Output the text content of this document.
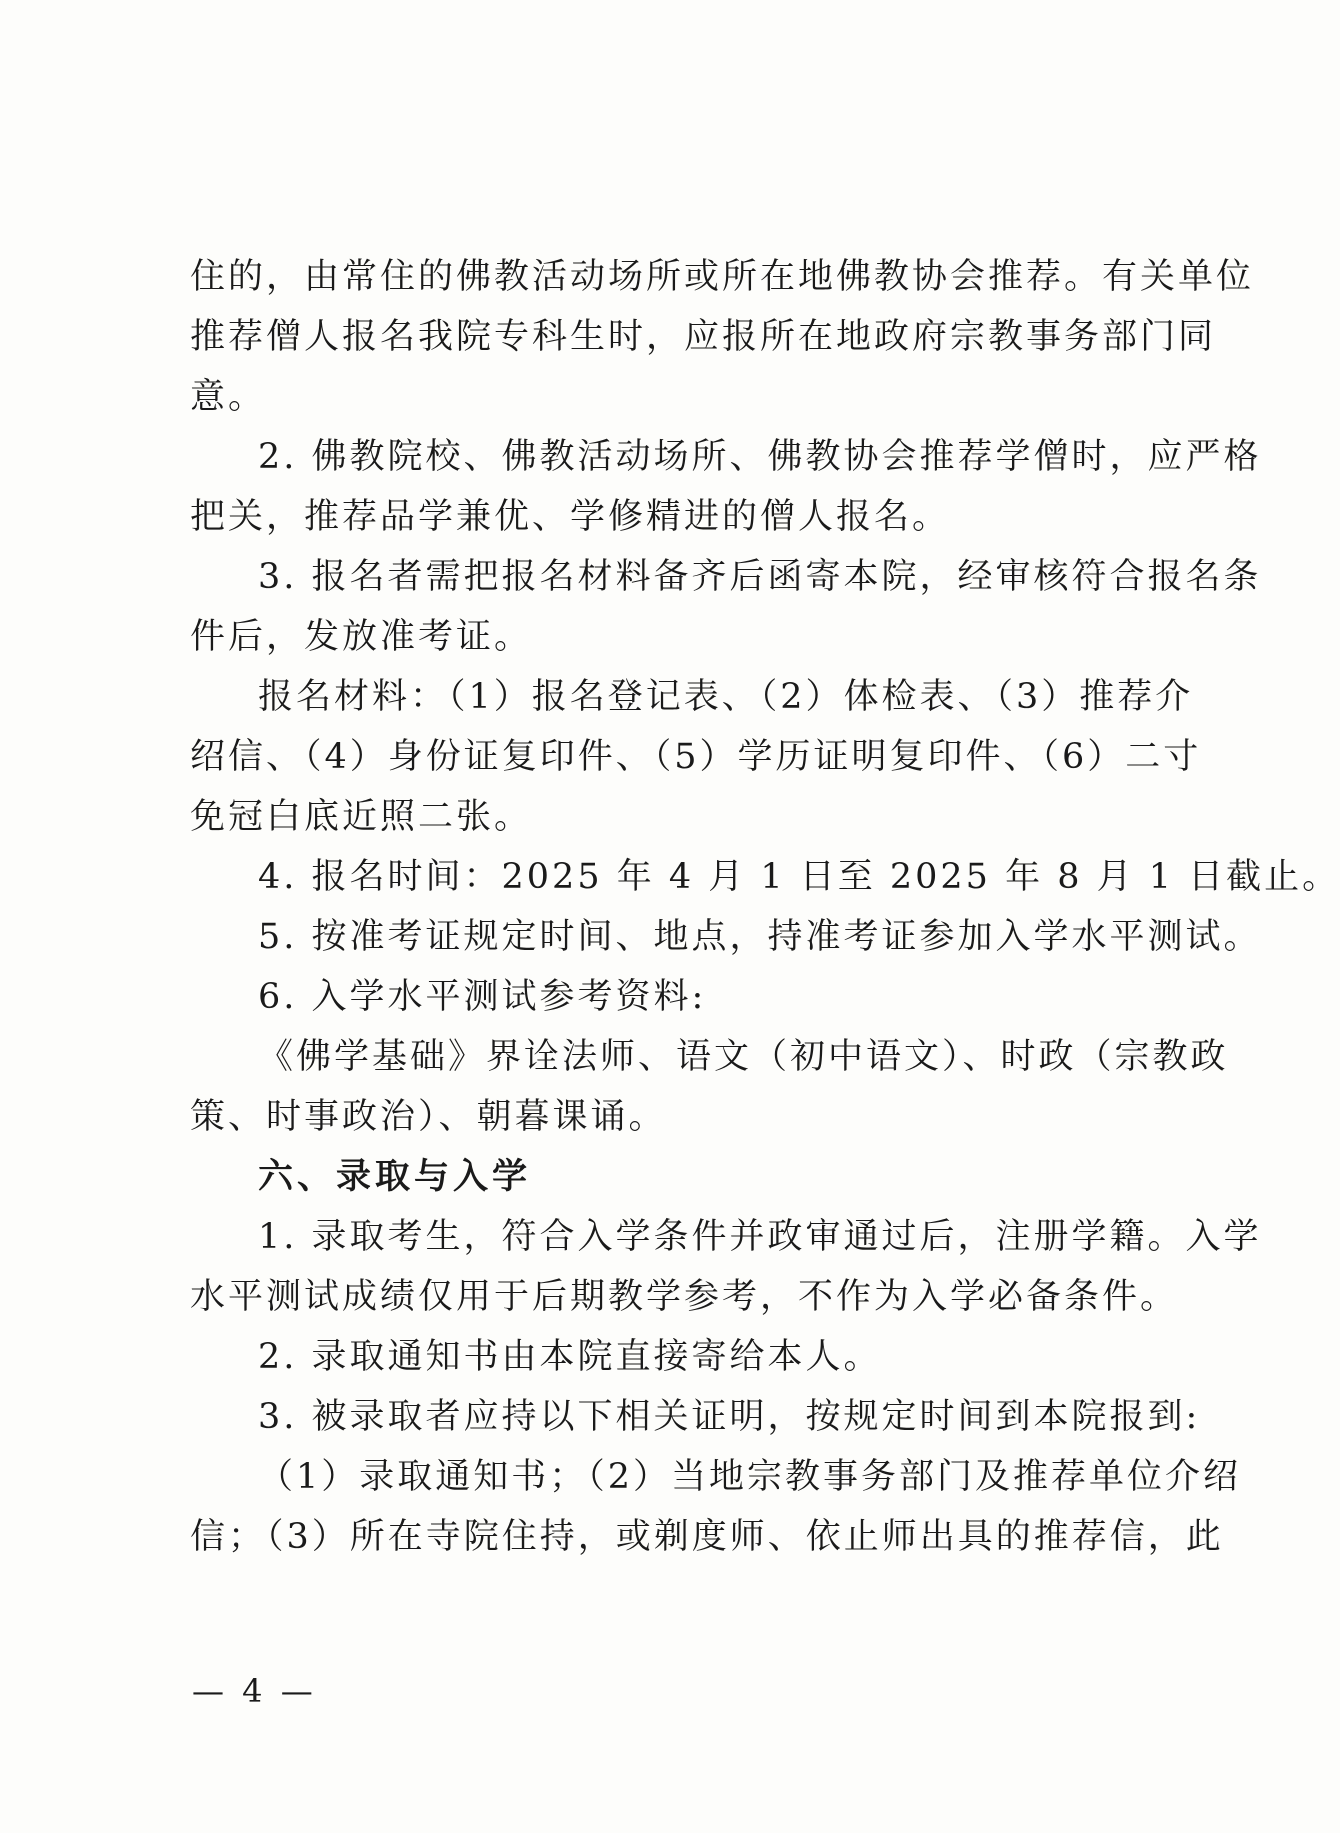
住的，由常住的佛教活动场所或所在地佛教协会推荐。有关单位
推荐僧人报名我院专科生时，应报所在地政府宗教事务部门同
意。
2. 佛教院校、佛教活动场所、佛教协会推荐学僧时，应严格
把关，推荐品学兼优、学修精进的僧人报名。
3. 报名者需把报名材料备齐后函寄本院，经审核符合报名条
件后，发放准考证。
报名材料：（1）报名登记表、（2）体检表、（3）推荐介
绍信、（4）身份证复印件、（5）学历证明复印件、（6）二寸
免冠白底近照二张。
4. 报名时间：2025 年 4 月 1 日至 2025 年 8 月 1 日截止。
5. 按准考证规定时间、地点，持准考证参加入学水平测试。
6. 入学水平测试参考资料:
《佛学基础》界诠法师、语文（初中语文）、时政（宗教政
策、时事政治）、朝暮课诵。
六、录取与入学
1. 录取考生，符合入学条件并政审通过后，注册学籍。入学
水平测试成绩仅用于后期教学参考，不作为入学必备条件。
2. 录取通知书由本院直接寄给本人。
3. 被录取者应持以下相关证明，按规定时间到本院报到:
（1）录取通知书；（2）当地宗教事务部门及推荐单位介绍
信；（3）所在寺院住持，或剃度师、依止师出具的推荐信，此
— 4 —
